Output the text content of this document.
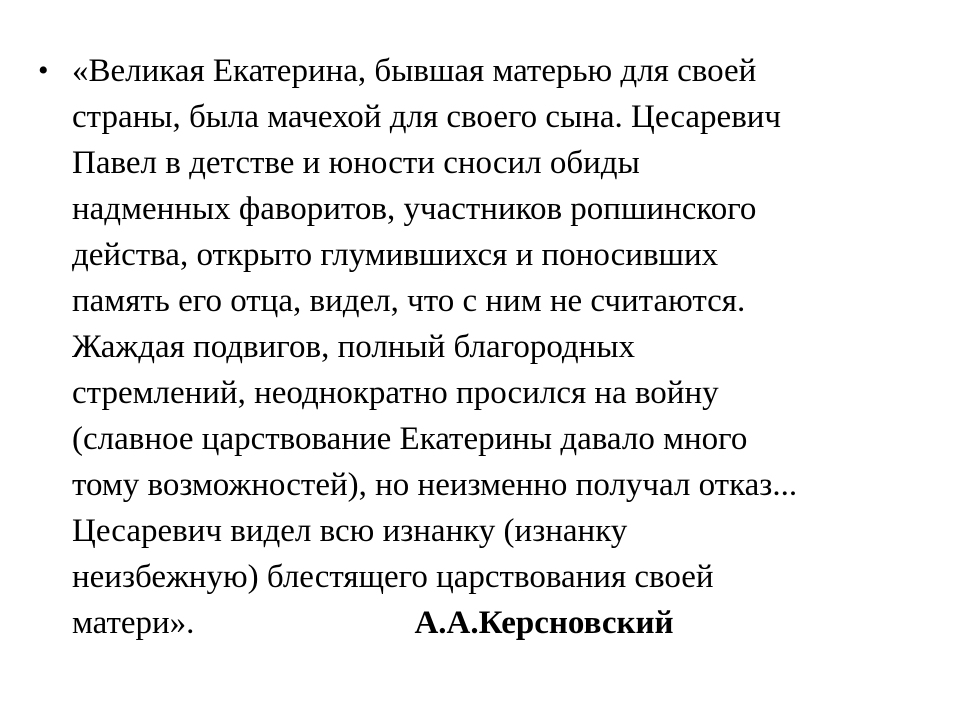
• «Великая Екатерина, бывшая матерью для своей
страны, была мачехой для своего сына. Цесаревич
Павел в детстве и юности сносил обиды
надменных фаворитов, участников ропшинского
действа, открыто глумившихся и поносивших
память его отца, видел, что с ним не считаются.
Жаждая подвигов, полный благородных
стремлений, неоднократно просился на войну
(славное царствование Екатерины давало много
тому возможностей), но неизменно получал отказ...
Цесаревич видел всю изнанку (изнанку
неизбежную) блестящего царствования своей
матери».	А.А.Керсновский
